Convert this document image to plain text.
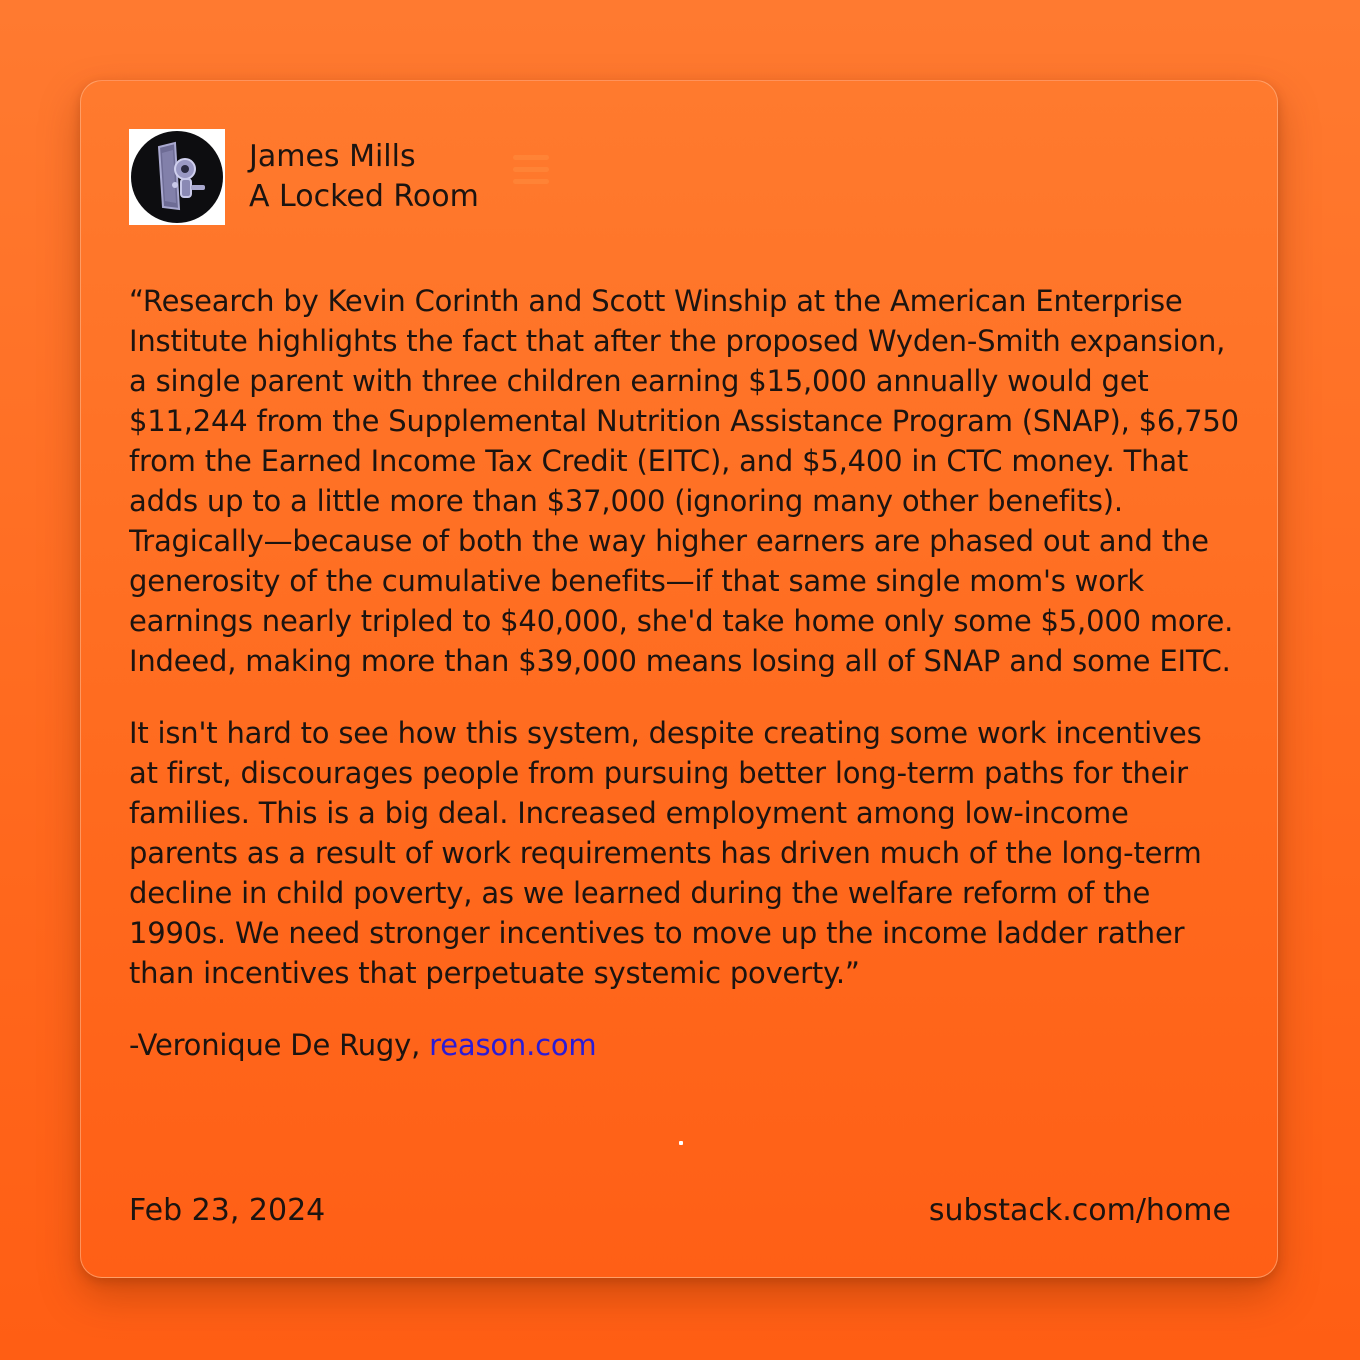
James Mills
A Locked Room

“Research by Kevin Corinth and Scott Winship at the American Enterprise Institute highlights the fact that after the proposed Wyden-Smith expansion, a single parent with three children earning $15,000 annually would get $11,244 from the Supplemental Nutrition Assistance Program (SNAP), $6,750 from the Earned Income Tax Credit (EITC), and $5,400 in CTC money. That adds up to a little more than $37,000 (ignoring many other benefits). Tragically—because of both the way higher earners are phased out and the generosity of the cumulative benefits—if that same single mom's work earnings nearly tripled to $40,000, she'd take home only some $5,000 more. Indeed, making more than $39,000 means losing all of SNAP and some EITC.

It isn't hard to see how this system, despite creating some work incentives at first, discourages people from pursuing better long-term paths for their families. This is a big deal. Increased employment among low-income parents as a result of work requirements has driven much of the long-term decline in child poverty, as we learned during the welfare reform of the 1990s. We need stronger incentives to move up the income ladder rather than incentives that perpetuate systemic poverty.”

-Veronique De Rugy, reason.com

Feb 23, 2024	substack.com/home
